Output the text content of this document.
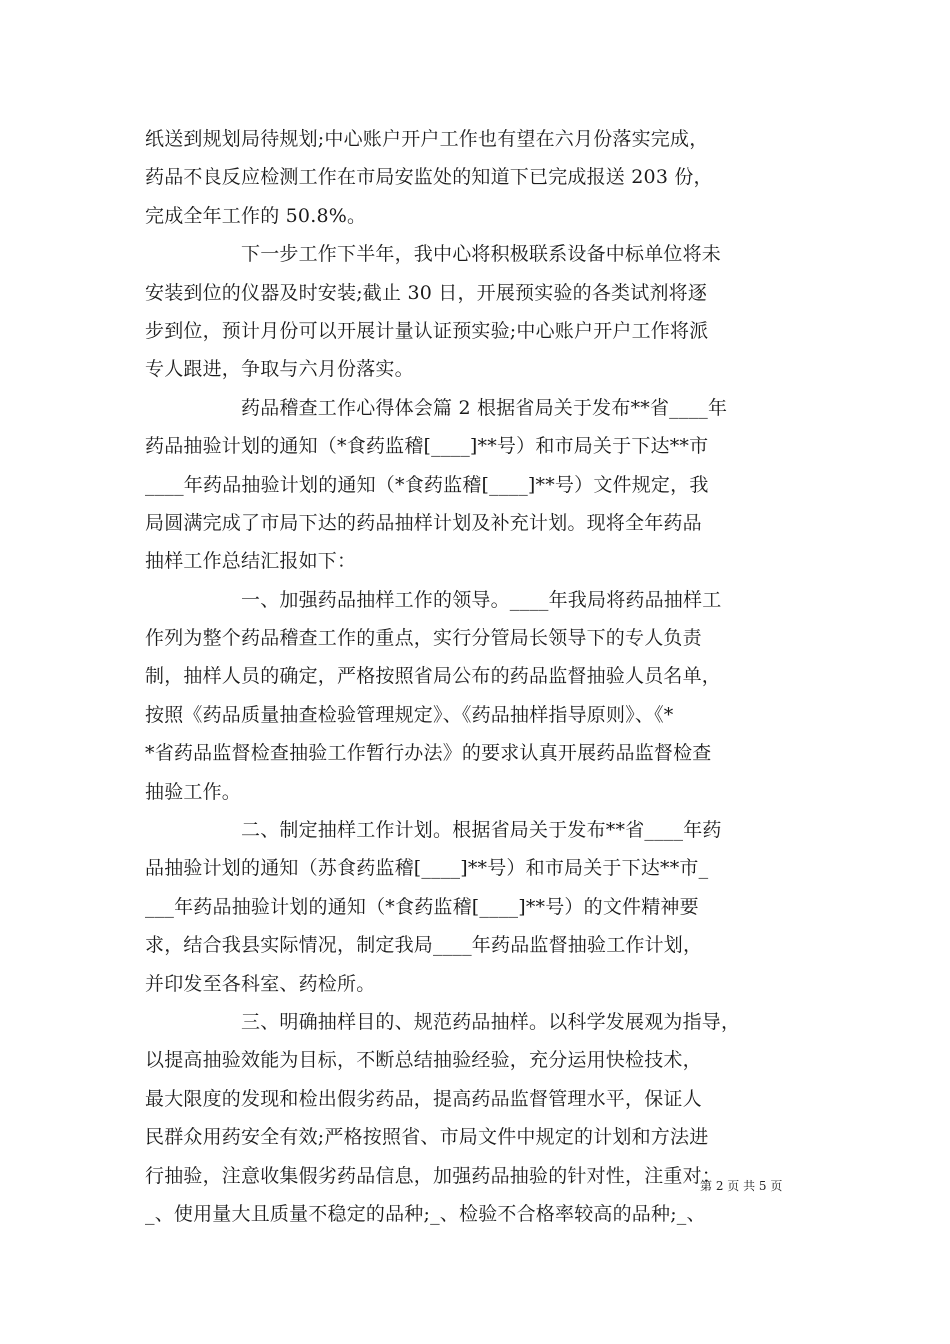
纸送到规划局待规划;中心账户开户工作也有望在六月份落实完成，
药品不良反应检测工作在市局安监处的知道下已完成报送 203 份，
完成全年工作的 50.8%。
下一步工作下半年，我中心将积极联系设备中标单位将未
安装到位的仪器及时安装;截止 30 日，开展预实验的各类试剂将逐
步到位，预计月份可以开展计量认证预实验;中心账户开户工作将派
专人跟进，争取与六月份落实。
药品稽查工作心得体会篇 2 根据省局关于发布**省____年
药品抽验计划的通知（*食药监稽[____]**号）和市局关于下达**市
____年药品抽验计划的通知（*食药监稽[____]**号）文件规定，我
局圆满完成了市局下达的药品抽样计划及补充计划。现将全年药品
抽样工作总结汇报如下：
一、加强药品抽样工作的领导。____年我局将药品抽样工
作列为整个药品稽查工作的重点，实行分管局长领导下的专人负责
制，抽样人员的确定，严格按照省局公布的药品监督抽验人员名单，
按照《药品质量抽查检验管理规定》、《药品抽样指导原则》、《*
*省药品监督检查抽验工作暂行办法》的要求认真开展药品监督检查
抽验工作。
二、制定抽样工作计划。根据省局关于发布**省____年药
品抽验计划的通知（苏食药监稽[____]**号）和市局关于下达**市_
___年药品抽验计划的通知（*食药监稽[____]**号）的文件精神要
求，结合我县实际情况，制定我局____年药品监督抽验工作计划，
并印发至各科室、药检所。
三、明确抽样目的、规范药品抽样。以科学发展观为指导，
以提高抽验效能为目标，不断总结抽验经验，充分运用快检技术，
最大限度的发现和检出假劣药品，提高药品监督管理水平，保证人
民群众用药安全有效;严格按照省、市局文件中规定的计划和方法进
行抽验，注意收集假劣药品信息，加强药品抽验的针对性，注重对：
_、使用量大且质量不稳定的品种;_、检验不合格率较高的品种;_、
第 2 页 共 5 页
